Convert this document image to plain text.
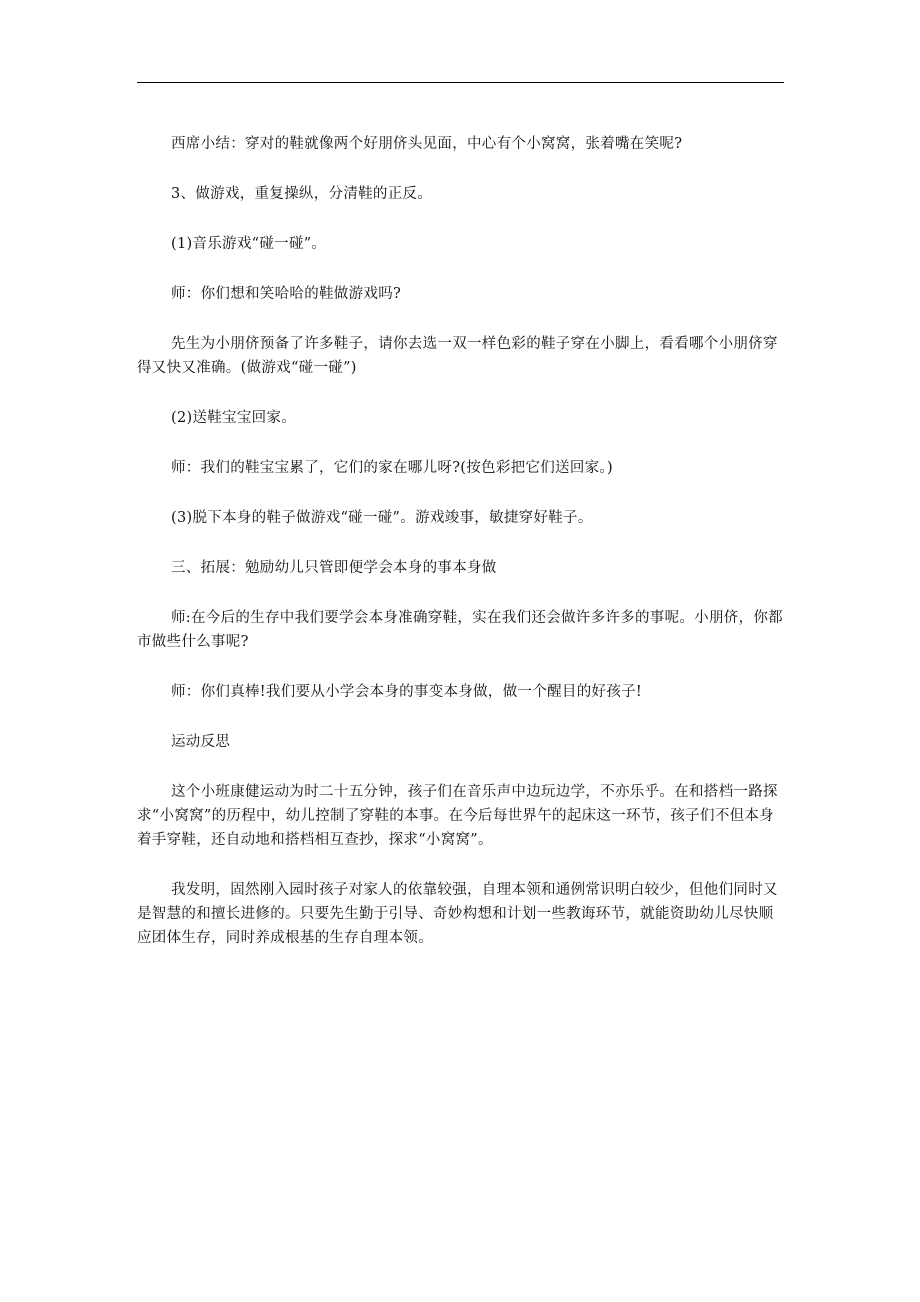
西席小结：穿对的鞋就像两个好朋侪头见面，中心有个小窝窝，张着嘴在笑呢?

3、做游戏，重复操纵，分清鞋的正反。

(1)音乐游戏“碰一碰”。

师：你们想和笑哈哈的鞋做游戏吗?

先生为小朋侪预备了许多鞋子，请你去选一双一样色彩的鞋子穿在小脚上，看看哪个小朋侪穿得又快又准确。(做游戏“碰一碰”)

(2)送鞋宝宝回家。

师：我们的鞋宝宝累了，它们的家在哪儿呀?(按色彩把它们送回家。)

(3)脱下本身的鞋子做游戏“碰一碰”。游戏竣事，敏捷穿好鞋子。

三、拓展：勉励幼儿只管即便学会本身的事本身做

师:在今后的生存中我们要学会本身准确穿鞋，实在我们还会做许多许多的事呢。小朋侪，你都市做些什么事呢?

师：你们真棒!我们要从小学会本身的事变本身做，做一个醒目的好孩子!

运动反思

这个小班康健运动为时二十五分钟，孩子们在音乐声中边玩边学，不亦乐乎。在和搭档一路探求“小窝窝”的历程中，幼儿控制了穿鞋的本事。在今后每世界午的起床这一环节，孩子们不但本身着手穿鞋，还自动地和搭档相互查抄，探求“小窝窝”。

我发明，固然刚入园时孩子对家人的依靠较强，自理本领和通例常识明白较少，但他们同时又是智慧的和擅长进修的。只要先生勤于引导、奇妙构想和计划一些教诲环节，就能资助幼儿尽快顺应团体生存，同时养成根基的生存自理本领。
